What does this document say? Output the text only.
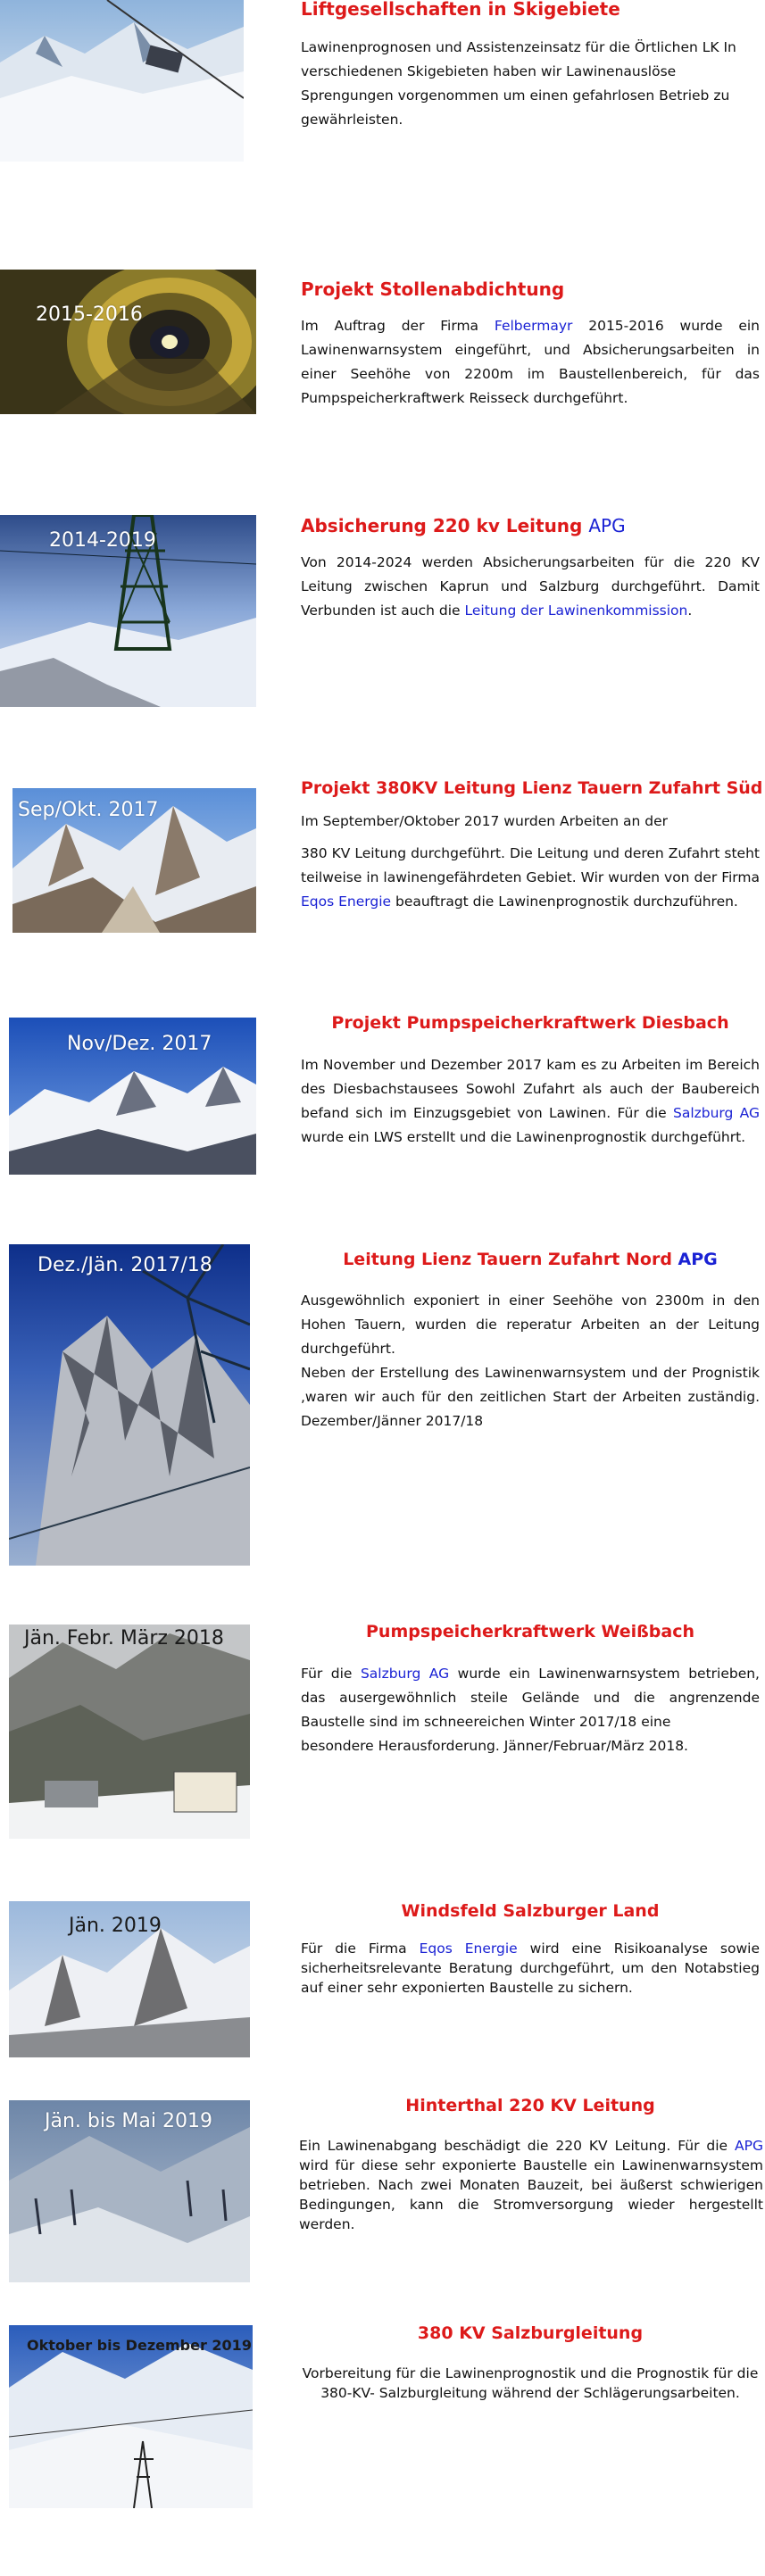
Liftgesellschaften in Skigebiete
Lawinenprognosen und Assistenzeinsatz für die Örtlichen LK In verschiedenen Skigebieten haben wir Lawinenauslöse Sprengungen vorgenommen um einen gefahrlosen Betrieb zu gewährleisten.
2015-2016
Projekt Stollenabdichtung
Im Auftrag der Firma Felbermayr 2015-2016 wurde ein Lawinenwarnsystem eingeführt, und Absicherungsarbeiten in einer Seehöhe von 2200m im Baustellenbereich, für das Pumpspeicherkraftwerk Reisseck durchgeführt.
2014-2019
Absicherung 220 kv Leitung APG
Von 2014-2024 werden Absicherungsarbeiten für die 220 KV Leitung zwischen Kaprun und Salzburg durchgeführt. Damit Verbunden ist auch die Leitung der Lawinenkommission.
Sep/Okt. 2017
Projekt 380KV Leitung Lienz Tauern Zufahrt Süd
Im September/Oktober 2017 wurden Arbeiten an der
380 KV Leitung durchgeführt. Die Leitung und deren Zufahrt steht teilweise in lawinengefährdeten Gebiet. Wir wurden von der Firma Eqos Energie beauftragt die Lawinenprognostik durchzuführen.
Nov/Dez. 2017
Projekt Pumpspeicherkraftwerk Diesbach
Im November und Dezember 2017 kam es zu Arbeiten im Bereich des Diesbachstausees Sowohl Zufahrt als auch der Baubereich befand sich im Einzugsgebiet von Lawinen. Für die Salzburg AG wurde ein LWS erstellt und die Lawinenprognostik durchgeführt.
Dez./Jän. 2017/18	Leitung Lienz Tauern Zufahrt Nord APG

Ausgewöhnlich exponiert in einer Seehöhe von 2300m in den Hohen Tauern, wurden die reperatur Arbeiten an der Leitung durchgeführt.

Neben der Erstellung des Lawinenwarnsystem und der Prognistik ,waren wir auch für den zeitlichen Start der Arbeiten zuständig. Dezember/Jänner 2017/18

Jän. Febr. März 2018	Pumpspeicherkraftwerk Weißbach
Für die Salzburg AG wurde ein Lawinenwarnsystem betrieben, das ausergewöhnlich steile Gelände und die angrenzende Baustelle sind im schneereichen Winter 2017/18 eine
besondere Herausforderung. Jänner/Februar/März 2018.
Jän. 2019
Windsfeld Salzburger Land
Für die Firma Eqos Energie wird eine Risikoanalyse sowie sicherheitsrelevante Beratung durchgeführt, um den Notabstieg auf einer sehr exponierten Baustelle zu sichern.
Jän. bis Mai 2019
Hinterthal 220 KV Leitung
Ein Lawinenabgang beschädigt die 220 KV Leitung. Für die APG wird für diese sehr exponierte Baustelle ein Lawinenwarnsystem betrieben. Nach zwei Monaten Bauzeit, bei äußerst schwierigen Bedingungen, kann die Stromversorgung wieder hergestellt werden.
Oktober bis Dezember 2019
380 KV Salzburgleitung
Vorbereitung für die Lawinenprognostik und die Prognostik für die 380-KV- Salzburgleitung während der Schlägerungsarbeiten.
